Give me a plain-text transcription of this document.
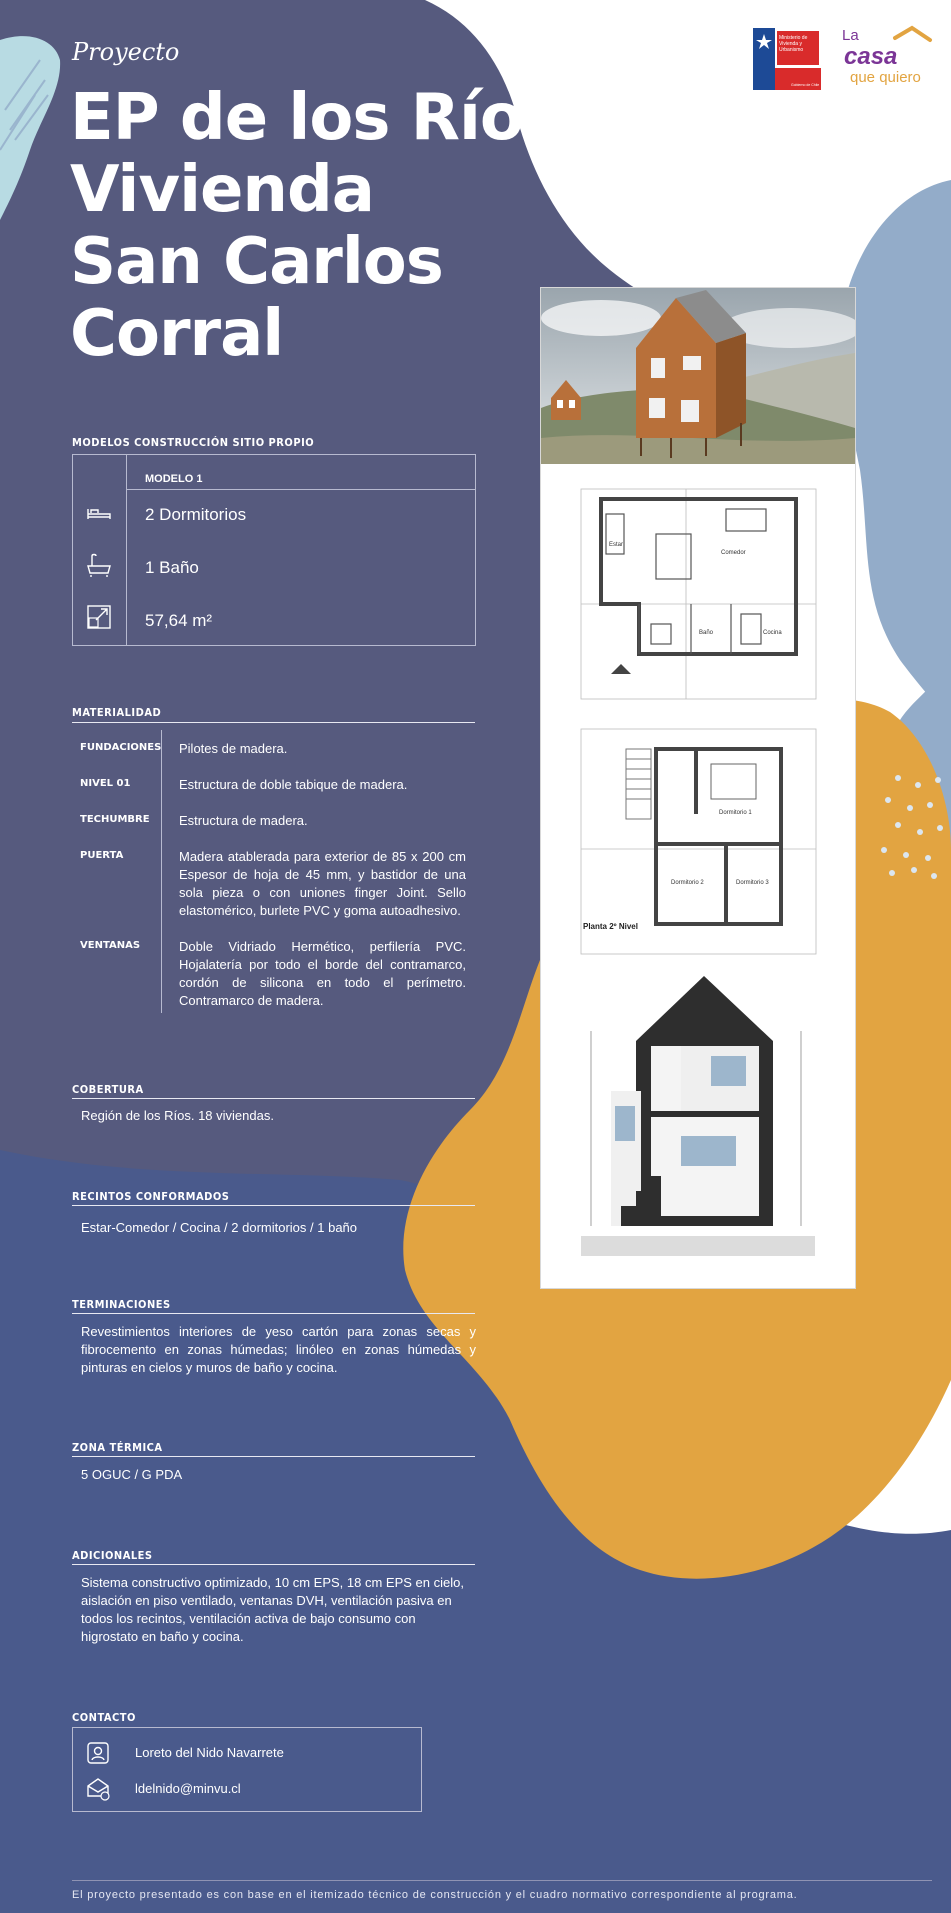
Proyecto
EP de los Ríos
Vivienda
San Carlos
Corral
Ministerio de Vivienda y Urbanismo
Gobierno de Chile
La
casa
que quiero
MODELOS CONSTRUCCIÓN SITIO PROPIO
MODELO 1
2 Dormitorios
1 Baño
57,64 m²
MATERIALIDAD
FUNDACIONES Pilotes de madera.
NIVEL 01	Estructura de doble tabique de madera.
TECHUMBRE Estructura de madera.
PUERTA	Madera atablerada para exterior de 85 x 200 cm Espesor de hoja de 45 mm, y bastidor de una sola pieza o con uniones finger Joint. Sello elastomérico, burlete PVC y goma autoadhesivo.
VENTANAS	Doble Vidriado Hermético, perfilería PVC. Hojalatería por todo el borde del contramarco, cordón de silicona en todo el perímetro. Contramarco de madera.
COBERTURA
Región de los Ríos. 18 viviendas.
RECINTOS CONFORMADOS
Estar-Comedor / Cocina / 2 dormitorios / 1 baño
TERMINACIONES
Revestimientos interiores de yeso cartón para zonas secas y fibrocemento en zonas húmedas; linóleo en zonas húmedas y pinturas en cielos y muros de baño y cocina.
ZONA TÉRMICA
5 OGUC / G PDA
ADICIONALES
Sistema constructivo optimizado, 10 cm EPS, 18 cm EPS en cielo, aislación en piso ventilado, ventanas DVH, ventilación pasiva en todos los recintos, ventilación activa de bajo consumo con higrostato en baño y cocina.
CONTACTO
Loreto del Nido Navarrete
ldelnido@minvu.cl
El proyecto presentado es con base en el itemizado técnico de construcción y el cuadro normativo correspondiente al programa.
Estar
Comedor
Baño	Cocina
Dormitorio 1
Dormitorio 2	Dormitorio 3
Planta 2º Nivel
